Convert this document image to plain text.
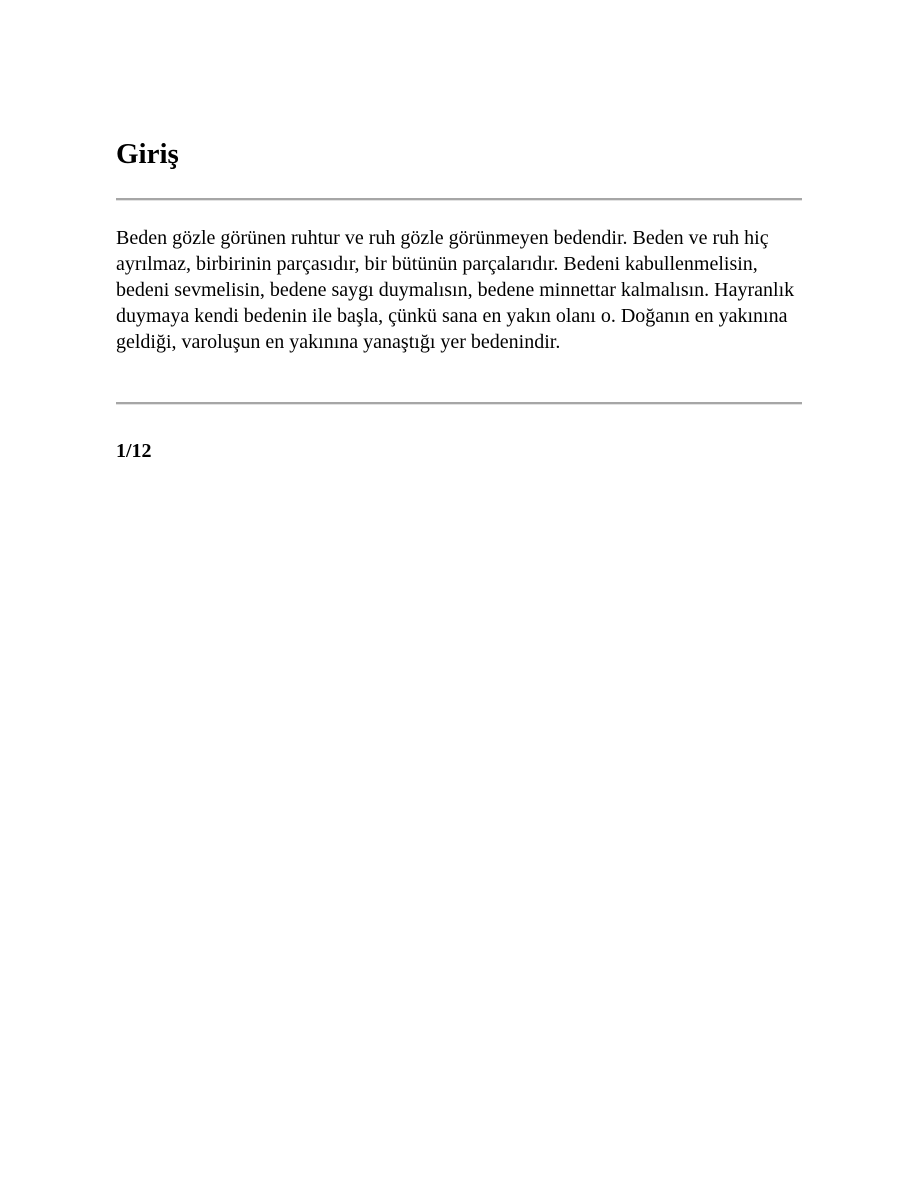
Giriş

Beden gözle görünen ruhtur ve ruh gözle görünmeyen bedendir. Beden ve ruh hiç ayrılmaz, birbirinin parçasıdır, bir bütünün parçalarıdır. Bedeni kabullenmelisin, bedeni sevmelisin, bedene saygı duymalısın, bedene minnettar kalmalısın. Hayranlık duymaya kendi bedenin ile başla, çünkü sana en yakın olanı o. Doğanın en yakınına geldiği, varoluşun en yakınına yanaştığı yer bedenindir.

1/12
